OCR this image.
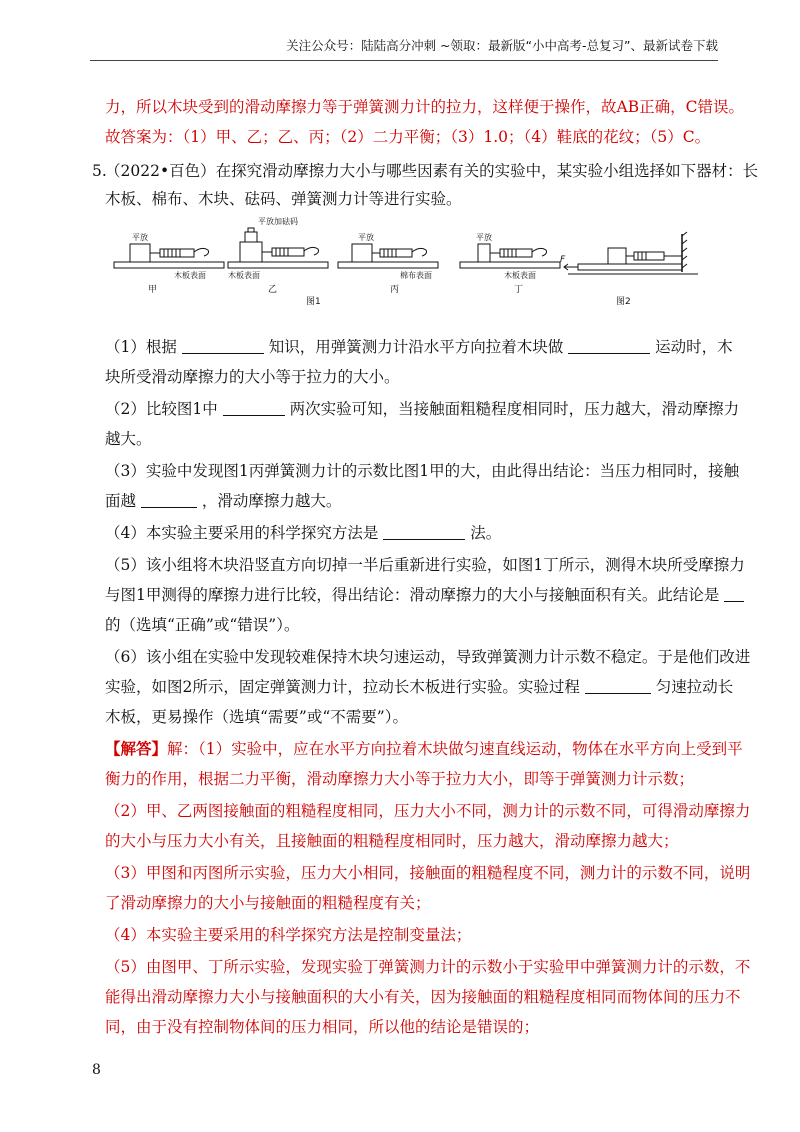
关注公众号：陆陆高分冲刺 ~领取：最新版“小中高考-总复习”、最新试卷下载
力，所以木块受到的滑动摩擦力等于弹簧测力计的拉力，这样便于操作，故AB正确，C错误。
故答案为：（1）甲、乙；乙、丙；（2）二力平衡；（3）1.0；（4）鞋底的花纹；（5）C。
5.
（2022•百色）在探究滑动摩擦力大小与哪些因素有关的实验中，某实验小组选择如下器材：长
木板、棉布、木块、砝码、弹簧测力计等进行实验。
平放
平放加砝码
平放	平放
木板表面	木板表面	棉布表面	木板表面
甲	乙	丙	丁
图1	图2
F
（1）根据	知识，用弹簧测力计沿水平方向拉着木块做	运动时，木
块所受滑动摩擦力的大小等于拉力的大小。
（2）比较图1中	两次实验可知，当接触面粗糙程度相同时，压力越大，滑动摩擦力
越大。
（3）实验中发现图1丙弹簧测力计的示数比图1甲的大，由此得出结论：当压力相同时，接触
面越	，滑动摩擦力越大。
（4）本实验主要采用的科学探究方法是	法。
（5）该小组将木块沿竖直方向切掉一半后重新进行实验，如图1丁所示，测得木块所受摩擦力
与图1甲测得的摩擦力进行比较，得出结论：滑动摩擦力的大小与接触面积有关。此结论是
的（选填“正确”或“错误”）。
（6）该小组在实验中发现较难保持木块匀速运动，导致弹簧测力计示数不稳定。于是他们改进
实验，如图2所示，固定弹簧测力计，拉动长木板进行实验。实验过程	匀速拉动长
木板，更易操作（选填“需要”或“不需要”）。
【解答】解：（1）实验中，应在水平方向拉着木块做匀速直线运动，物体在水平方向上受到平
衡力的作用，根据二力平衡，滑动摩擦力大小等于拉力大小，即等于弹簧测力计示数；
（2）甲、乙两图接触面的粗糙程度相同，压力大小不同，测力计的示数不同，可得滑动摩擦力
的大小与压力大小有关，且接触面的粗糙程度相同时，压力越大，滑动摩擦力越大；
（3）甲图和丙图所示实验，压力大小相同，接触面的粗糙程度不同，测力计的示数不同，说明
了滑动摩擦力的大小与接触面的粗糙程度有关；
（4）本实验主要采用的科学探究方法是控制变量法；
（5）由图甲、丁所示实验，发现实验丁弹簧测力计的示数小于实验甲中弹簧测力计的示数，不
能得出滑动摩擦力大小与接触面积的大小有关，因为接触面的粗糙程度相同而物体间的压力不
同，由于没有控制物体间的压力相同，所以他的结论是错误的；
8
